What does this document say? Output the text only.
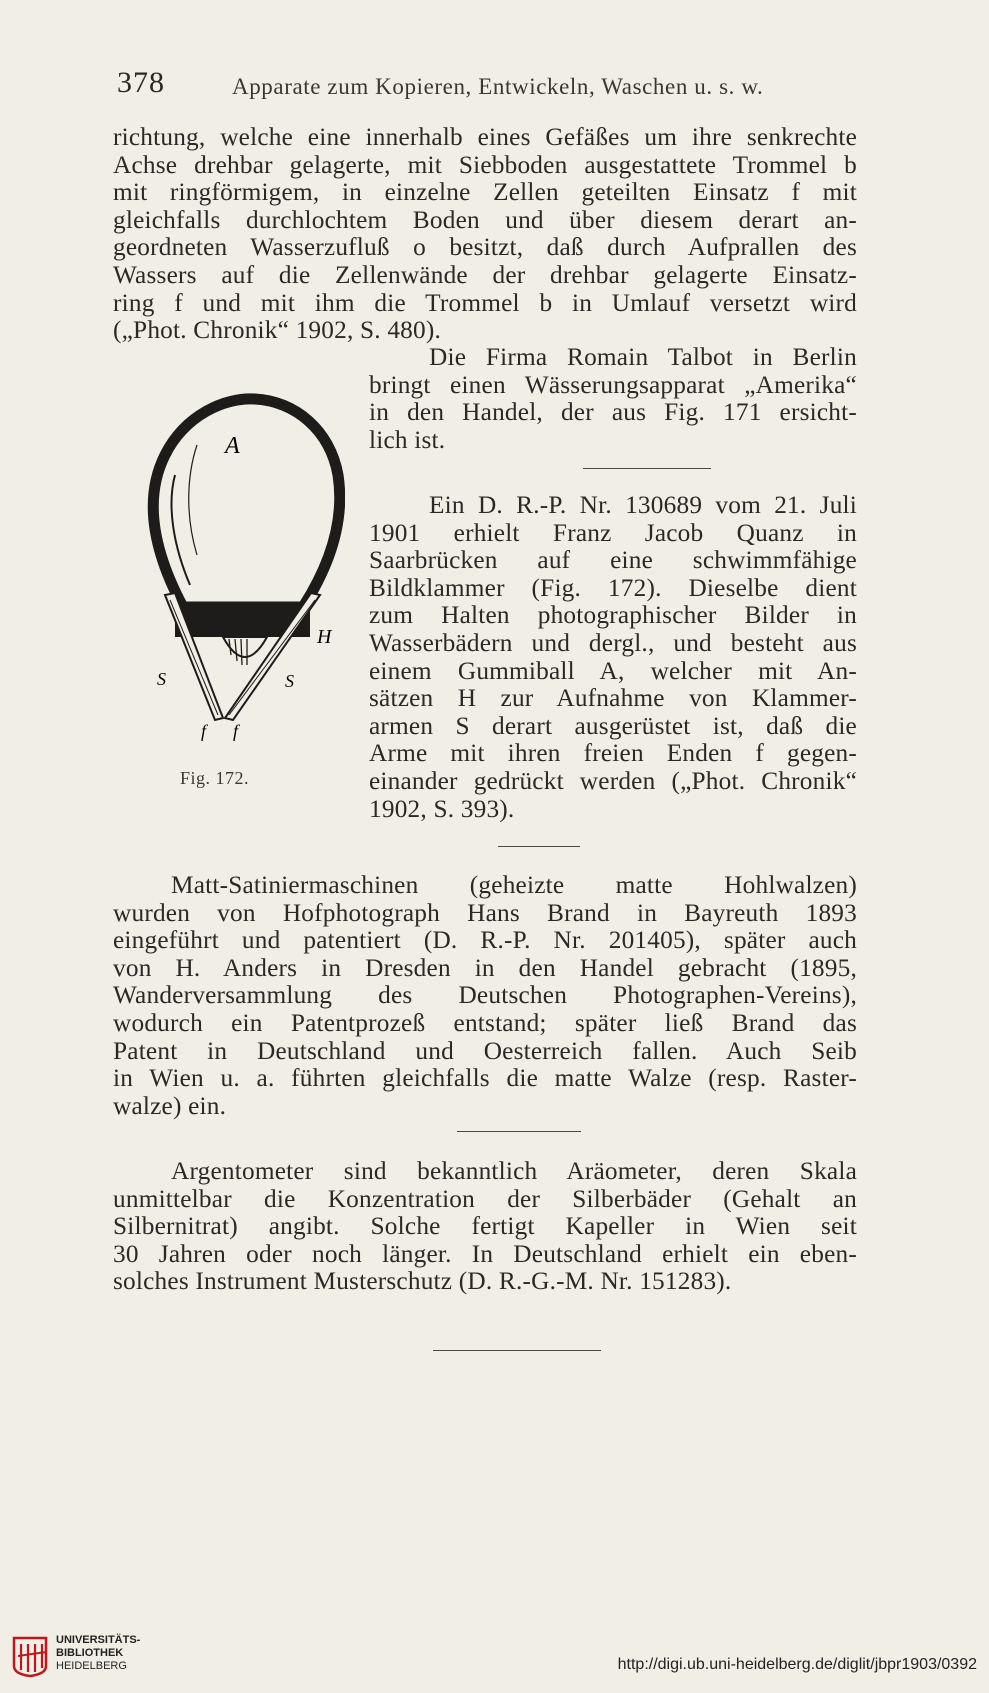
378	Apparate zum Kopieren, Entwickeln, Waschen u. s. w.
richtung, welche eine innerhalb eines Gefäßes um ihre senkrechte
Achse drehbar gelagerte, mit Siebboden ausgestattete Trommel b
mit ringförmigem, in einzelne Zellen geteilten Einsatz f mit
gleichfalls durchlochtem Boden und über diesem derart an-
geordneten Wasserzufluß o besitzt, daß durch Aufprallen des
Wassers auf die Zellenwände der drehbar gelagerte Einsatz-
ring f und mit ihm die Trommel b in Umlauf versetzt wird
(„Phot. Chronik“ 1902, S. 480).
Die Firma Romain Talbot in Berlin
bringt einen Wässerungsapparat „Amerika“
in den Handel, der aus Fig. 171 ersicht-
lich ist.
Ein D. R.-P. Nr. 130689 vom 21. Juli
1901 erhielt Franz Jacob Quanz in
Saarbrücken auf eine schwimmfähige
Bildklammer (Fig. 172). Dieselbe dient
zum Halten photographischer Bilder in
Wasserbädern und dergl., und besteht aus
einem Gummiball A, welcher mit An-
sätzen H zur Aufnahme von Klammer-
armen S derart ausgerüstet ist, daß die
Arme mit ihren freien Enden f gegen-
einander gedrückt werden („Phot. Chronik“
1902, S. 393).
A
H
S	S
f f
Fig. 172.
Matt-Satiniermaschinen (geheizte matte Hohlwalzen)
wurden von Hofphotograph Hans Brand in Bayreuth 1893
eingeführt und patentiert (D. R.-P. Nr. 201405), später auch
von H. Anders in Dresden in den Handel gebracht (1895,
Wanderversammlung des Deutschen Photographen-Vereins),
wodurch ein Patentprozeß entstand; später ließ Brand das
Patent in Deutschland und Oesterreich fallen. Auch Seib
in Wien u. a. führten gleichfalls die matte Walze (resp. Raster-
walze) ein.
Argentometer sind bekanntlich Aräometer, deren Skala
unmittelbar die Konzentration der Silberbäder (Gehalt an
Silbernitrat) angibt. Solche fertigt Kapeller in Wien seit
30 Jahren oder noch länger. In Deutschland erhielt ein eben-
solches Instrument Musterschutz (D. R.-G.-M. Nr. 151283).
UNIVERSITÄTS-
BIBLIOTHEK
HEIDELBERG	http://digi.ub.uni-heidelberg.de/diglit/jbpr1903/0392
